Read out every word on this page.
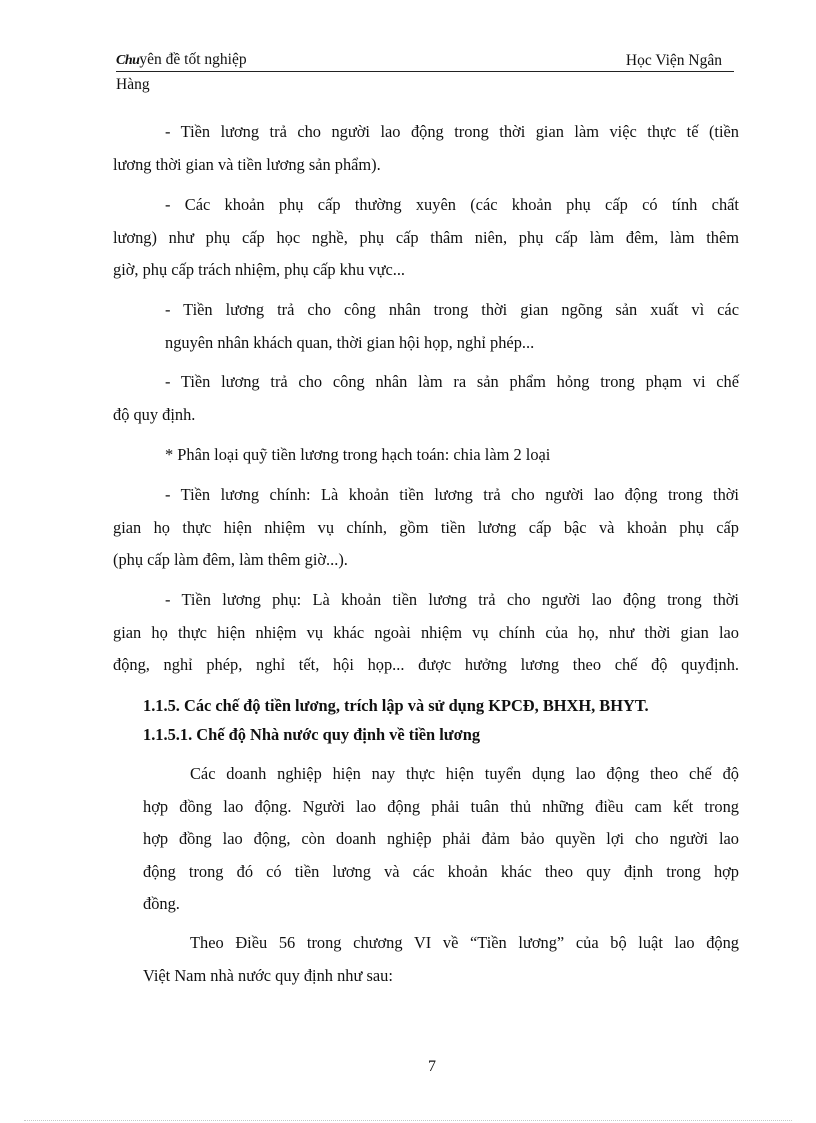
Chuyên đề tốt nghiệp	Học Viện Ngân
Hàng
- Tiền lương trả cho người lao động trong thời gian làm việc thực tế (tiền
lương thời gian và tiền lương sản phẩm).
- Các khoản phụ cấp thường xuyên (các khoản phụ cấp có tính chất
lương) như phụ cấp học nghề, phụ cấp thâm niên, phụ cấp làm đêm, làm thêm
giờ, phụ cấp trách nhiệm, phụ cấp khu vực...
- Tiền lương trả cho công nhân trong thời gian ngõng sản xuất vì các
nguyên nhân khách quan, thời gian hội họp, nghỉ phép...
- Tiền lương trả cho công nhân làm ra sản phẩm hỏng trong phạm vi chế
độ quy định.
* Phân loại quỹ tiền lương trong hạch toán: chia làm 2 loại
- Tiền lương chính: Là khoản tiền lương trả cho người lao động trong thời
gian họ thực hiện nhiệm vụ chính, gồm tiền lương cấp bậc và khoản phụ cấp
(phụ cấp làm đêm, làm thêm giờ...).
- Tiền lương phụ: Là khoản tiền lương trả cho người lao động trong thời
gian họ thực hiện nhiệm vụ khác ngoài nhiệm vụ chính của họ, như thời gian lao
động, nghỉ phép, nghỉ tết, hội họp... được hưởng lương theo chế độ quyđịnh.
1.1.5. Các chế độ tiền lương, trích lập và sử dụng KPCĐ, BHXH, BHYT.
1.1.5.1. Chế độ Nhà nước quy định về tiền lương
Các doanh nghiệp hiện nay thực hiện tuyển dụng lao động theo chế độ
hợp đồng lao động. Người lao động phải tuân thủ những điều cam kết trong
hợp đồng lao động, còn doanh nghiệp phải đảm bảo quyền lợi cho người lao
động trong đó có tiền lương và các khoản khác theo quy định trong hợp
đồng.
Theo Điều 56 trong chương VI về “Tiền lương” của bộ luật lao động
Việt Nam nhà nước quy định như sau:
7
